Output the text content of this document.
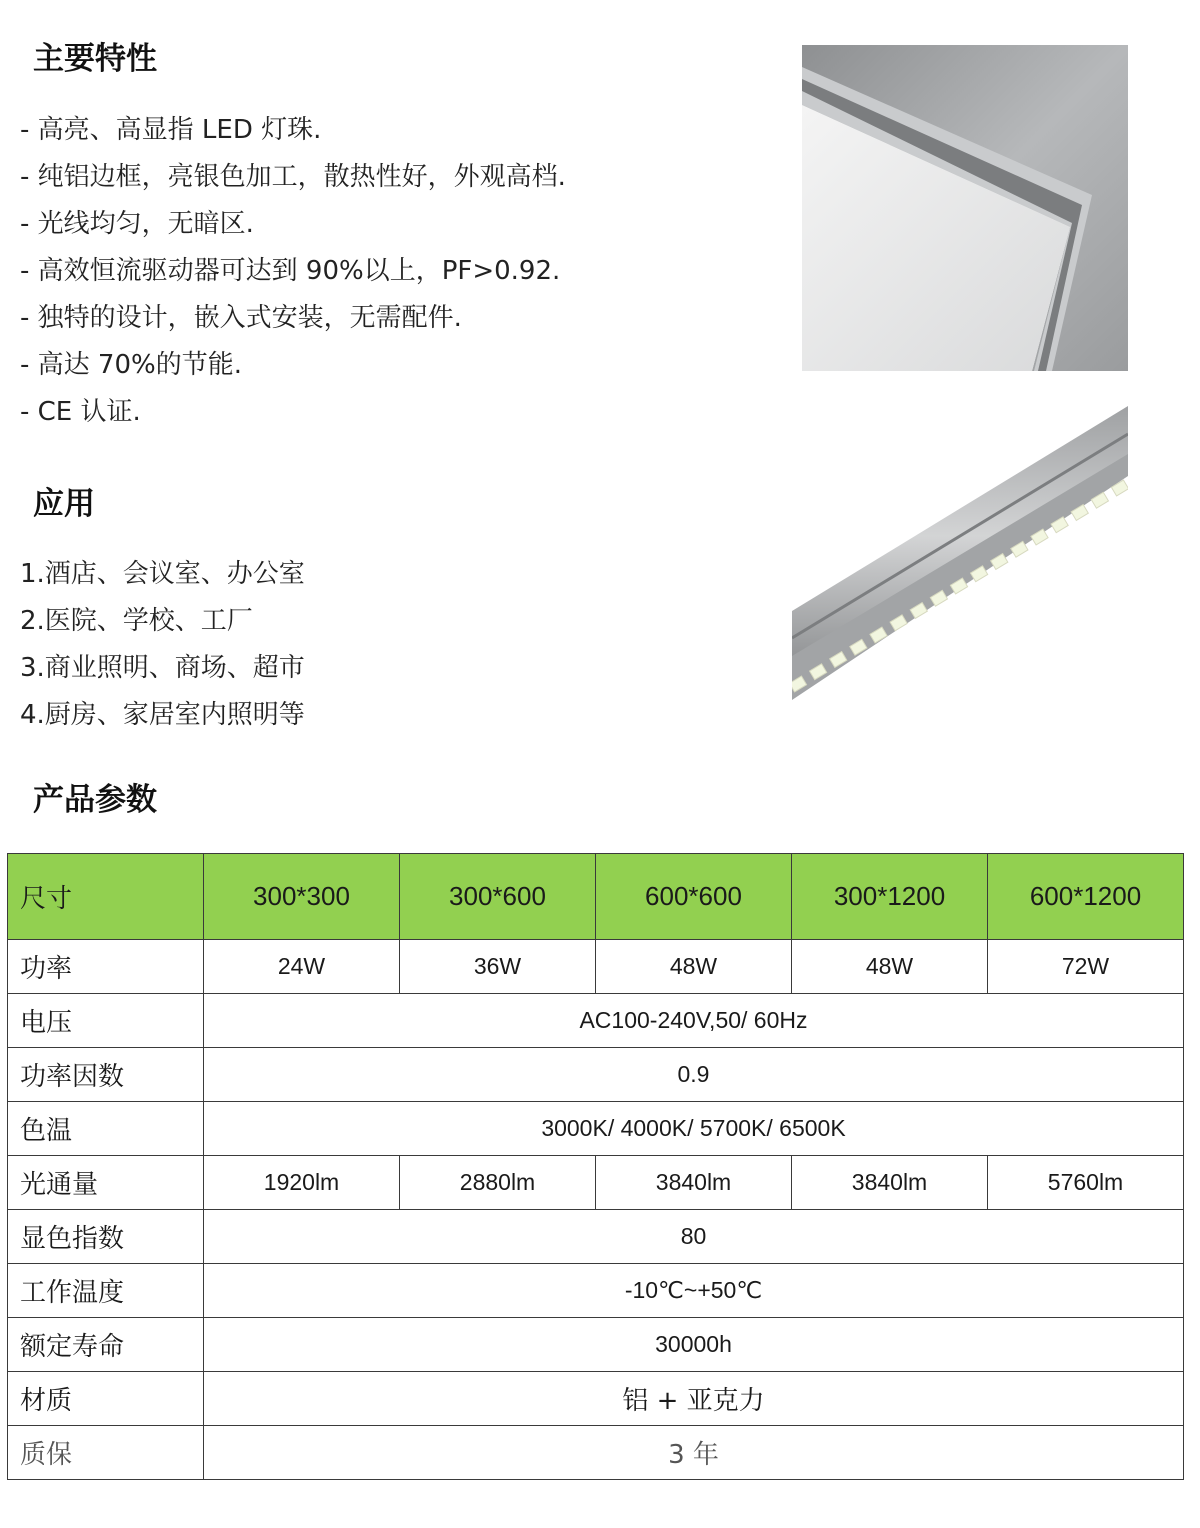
主要特性
- 高亮、高显指 LED 灯珠.
- 纯铝边框，亮银色加工，散热性好，外观高档.
- 光线均匀，无暗区.
- 高效恒流驱动器可达到 90%以上，PF>0.92.
- 独特的设计，嵌入式安装，无需配件.
- 高达 70%的节能.
- CE 认证.
应用
1.酒店、会议室、办公室
2.医院、学校、工厂
3.商业照明、商场、超市
4.厨房、家居室内照明等
产品参数
尺寸	300*300	300*600	600*600	300*1200	600*1200
功率	24W	36W	48W	48W	72W
电压	AC100-240V,50/ 60Hz				
功率因数	0.9				
色温	3000K/ 4000K/ 5700K/ 6500K				
光通量	1920lm	2880lm	3840lm	3840lm	5760lm
显色指数	80				
工作温度	-10℃~+50℃				
额定寿命	30000h				
材质	铝 + 亚克力				
质保	3 年				
